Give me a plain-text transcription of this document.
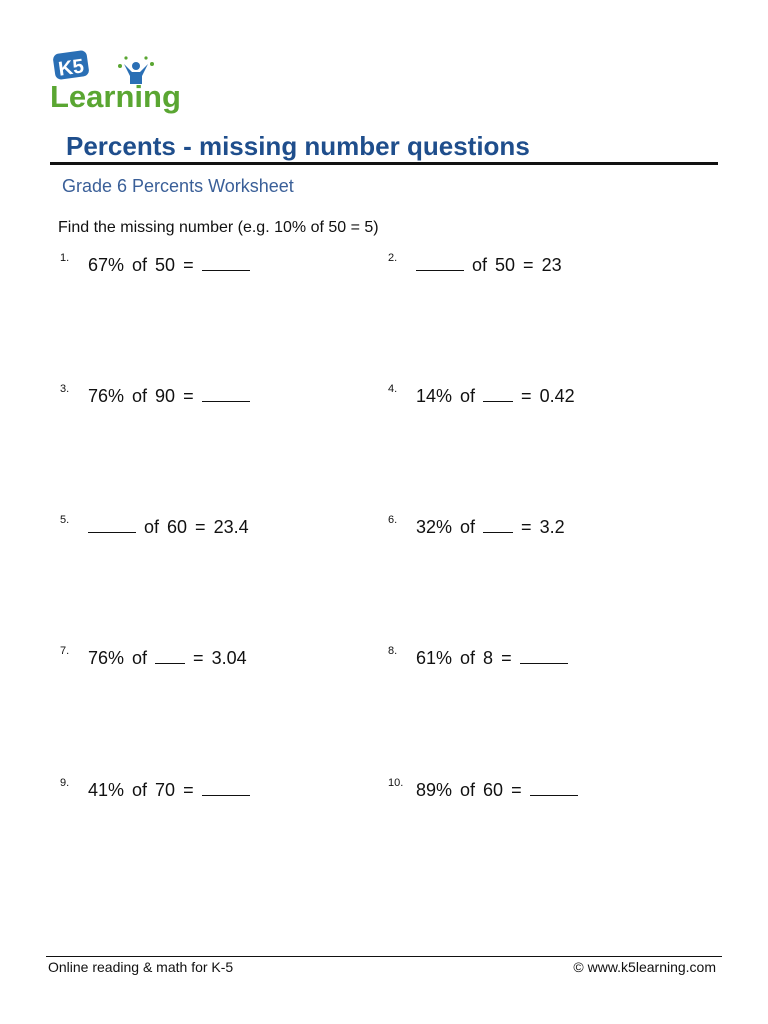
K5
Learning
Percents - missing number questions
Grade 6 Percents Worksheet
Find the missing number (e.g. 10% of 50 = 5)
1. 67% of 50 =	2.	of 50 = 23
3. 76% of 90 =	4. 14% of	= 0.42
5.	of 60 = 23.4	6. 32% of	= 3.2
7. 76% of	= 3.04	8. 61% of 8 =
9. 41% of 70 =	10. 89% of 60 =
Online reading & math for K-5	© www.k5learning.com
